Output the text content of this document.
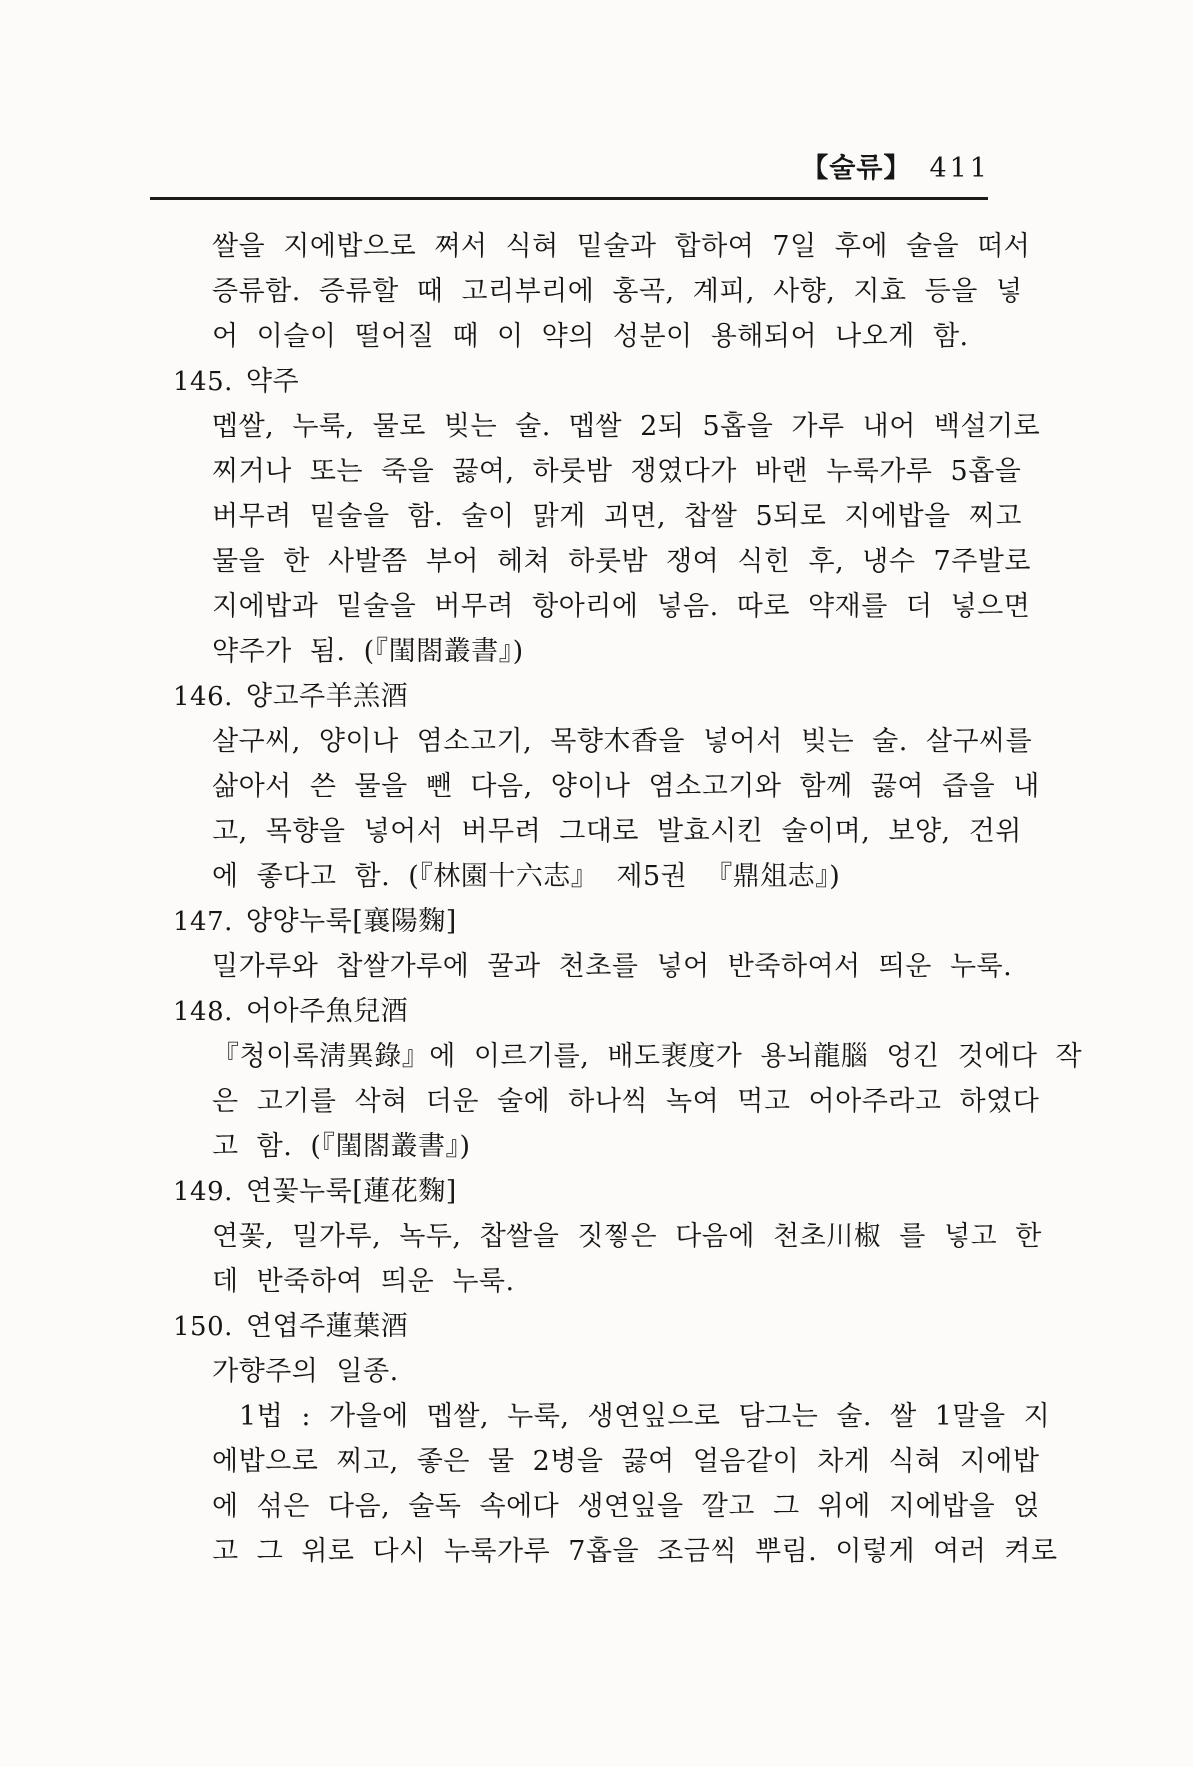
【술류】 411
쌀을 지에밥으로 쪄서 식혀 밑술과 합하여 7일 후에 술을 떠서
증류함. 증류할 때 고리부리에 홍곡, 계피, 사향, 지효 등을 넣
어 이슬이 떨어질 때 이 약의 성분이 용해되어 나오게 함.
145. 약주
멥쌀, 누룩, 물로 빚는 술. 멥쌀 2되 5홉을 가루 내어 백설기로
찌거나 또는 죽을 끓여, 하룻밤 쟁였다가 바랜 누룩가루 5홉을
버무려 밑술을 함. 술이 맑게 괴면, 찹쌀 5되로 지에밥을 찌고
물을 한 사발쯤 부어 헤쳐 하룻밤 쟁여 식힌 후, 냉수 7주발로
지에밥과 밑술을 버무려 항아리에 넣음. 따로 약재를 더 넣으면
약주가 됨. (『閨閤叢書』)
146. 양고주羊羔酒
살구씨, 양이나 염소고기, 목향木香을 넣어서 빚는 술. 살구씨를
삶아서 쓴 물을 뺀 다음, 양이나 염소고기와 함께 끓여 즙을 내
고, 목향을 넣어서 버무려 그대로 발효시킨 술이며, 보양, 건위
에 좋다고 함. (『林園十六志』 제5권 『鼎俎志』)
147. 양양누룩[襄陽麴]
밀가루와 찹쌀가루에 꿀과 천초를 넣어 반죽하여서 띄운 누룩.
148. 어아주魚兒酒
『청이록淸異錄』에 이르기를, 배도裵度가 용뇌龍腦 엉긴 것에다 작
은 고기를 삭혀 더운 술에 하나씩 녹여 먹고 어아주라고 하였다
고 함. (『閨閤叢書』)
149. 연꽃누룩[蓮花麴]
연꽃, 밀가루, 녹두, 찹쌀을 짓찧은 다음에 천초川椒 를 넣고 한
데 반죽하여 띄운 누룩.
150. 연엽주蓮葉酒
가향주의 일종.
1법 : 가을에 멥쌀, 누룩, 생연잎으로 담그는 술. 쌀 1말을 지
에밥으로 찌고, 좋은 물 2병을 끓여 얼음같이 차게 식혀 지에밥
에 섞은 다음, 술독 속에다 생연잎을 깔고 그 위에 지에밥을 얹
고 그 위로 다시 누룩가루 7홉을 조금씩 뿌림. 이렇게 여러 켜로
